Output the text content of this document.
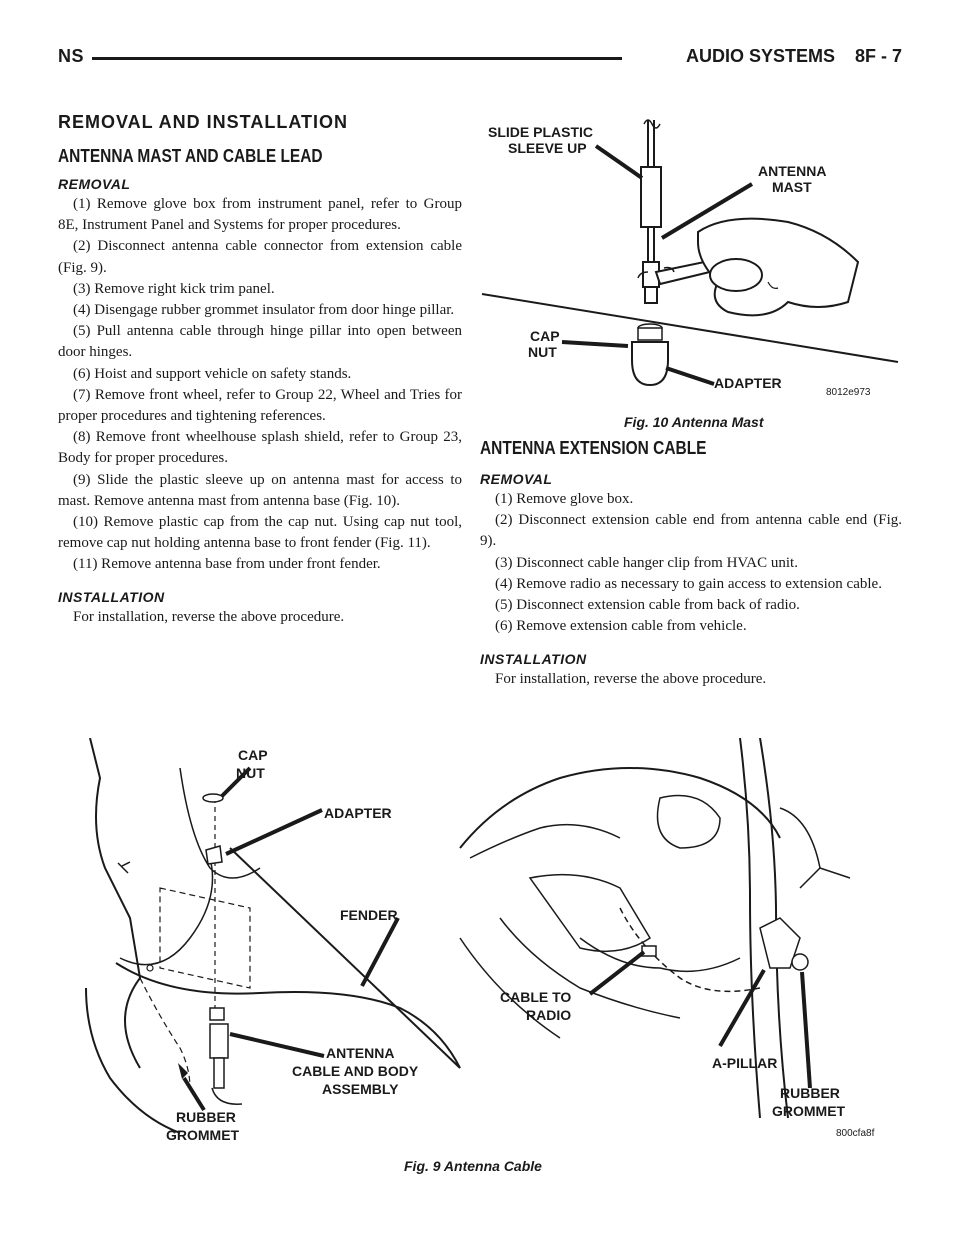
NS	AUDIO SYSTEMS    8F - 7
REMOVAL AND INSTALLATION
ANTENNA MAST AND CABLE LEAD
REMOVAL

(1) Remove glove box from instrument panel, refer to Group 8E, Instrument Panel and Systems for proper procedures.

(2) Disconnect antenna cable connector from extension cable (Fig. 9).

(3) Remove right kick trim panel.

(4) Disengage rubber grommet insulator from door hinge pillar.

(5) Pull antenna cable through hinge pillar into open between door hinges.

(6) Hoist and support vehicle on safety stands.

(7) Remove front wheel, refer to Group 22, Wheel and Tries for proper procedures and tightening references.

(8) Remove front wheelhouse splash shield, refer to Group 23, Body for proper procedures.

(9) Slide the plastic sleeve up on antenna mast for access to mast. Remove antenna mast from antenna base (Fig. 10).

(10) Remove plastic cap from the cap nut. Using cap nut tool, remove cap nut holding antenna base to front fender (Fig. 11).

(11) Remove antenna base from under front fender.

INSTALLATION

For installation, reverse the above procedure.

SLIDE PLASTIC
SLEEVE UP
ANTENNA
MAST
CAP
NUT
ADAPTER
8012e973
Fig. 10 Antenna Mast
ANTENNA EXTENSION CABLE
REMOVAL

(1) Remove glove box.

(2) Disconnect extension cable end from antenna cable end (Fig. 9).

(3) Disconnect cable hanger clip from HVAC unit.

(4) Remove radio as necessary to gain access to extension cable.

(5) Disconnect extension cable from back of radio.

(6) Remove extension cable from vehicle.

INSTALLATION

For installation, reverse the above procedure.

CAP
NUT
ADAPTER
FENDER
ANTENNA
CABLE AND BODY
ASSEMBLY
RUBBER
GROMMET
CABLE TO
RADIO
A-PILLAR
RUBBER
GROMMET
800cfa8f
Fig. 9 Antenna Cable
